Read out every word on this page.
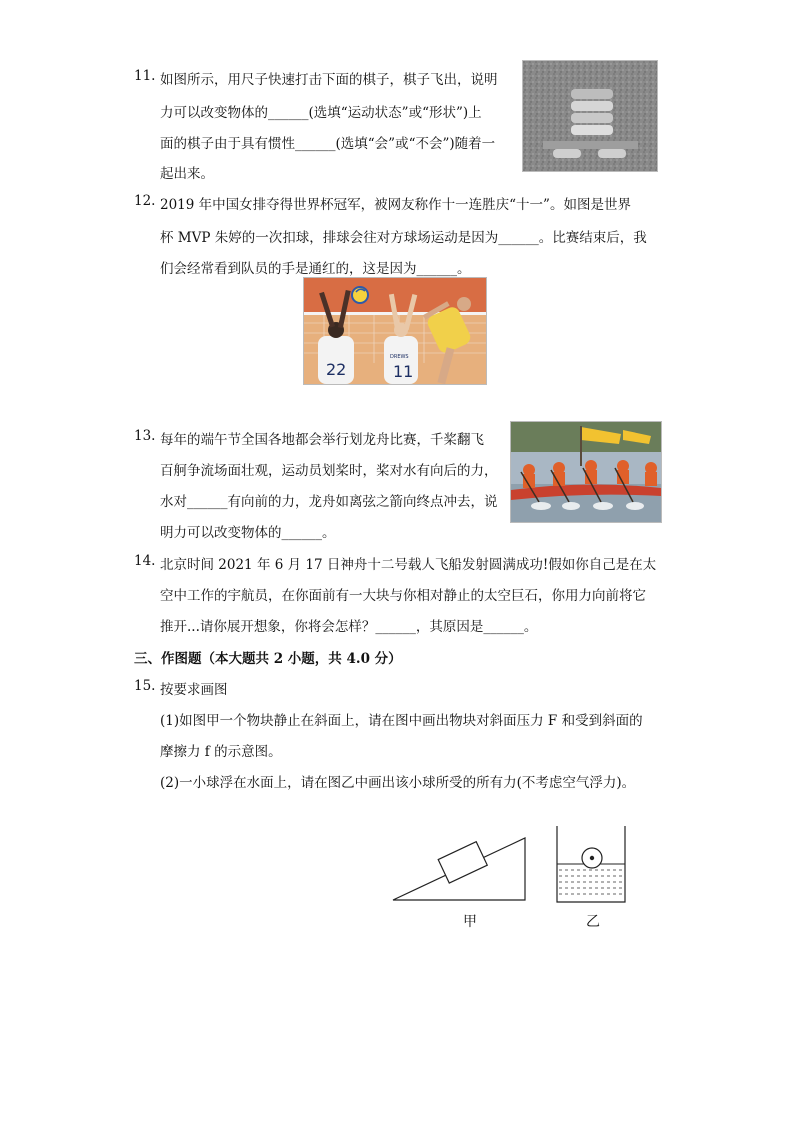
11. 如图所示，用尺子快速打击下面的棋子，棋子飞出，说明
力可以改变物体的______(选填“运动状态”或“形状”)上
面的棋子由于具有惯性______(选填“会”或“不会”)随着一
起出来。
12. 2019 年中国女排夺得世界杯冠军，被网友称作十一连胜庆“十一”。如图是世界
杯 MVP 朱婷的一次扣球，排球会往对方球场运动是因为______。比赛结束后，我
们会经常看到队员的手是通红的，这是因为______。
22	11
DREWS
13. 每年的端午节全国各地都会举行划龙舟比赛，千桨翻飞
百舸争流场面壮观，运动员划桨时，桨对水有向后的力，
水对______有向前的力，龙舟如离弦之箭向终点冲去，说
明力可以改变物体的______。
14. 北京时间 2021 年 6 月 17 日神舟十二号载人飞船发射圆满成功!假如你自己是在太
空中工作的宇航员，在你面前有一大块与你相对静止的太空巨石，你用力向前将它
推开...请你展开想象，你将会怎样？______，其原因是______。
三、作图题（本大题共 2 小题，共 4.0 分）
15. 按要求画图
(1)如图甲一个物块静止在斜面上，请在图中画出物块对斜面压力 F 和受到斜面的
摩擦力 f 的示意图。
(2)一小球浮在水面上，请在图乙中画出该小球所受的所有力(不考虑空气浮力)。
甲	乙
